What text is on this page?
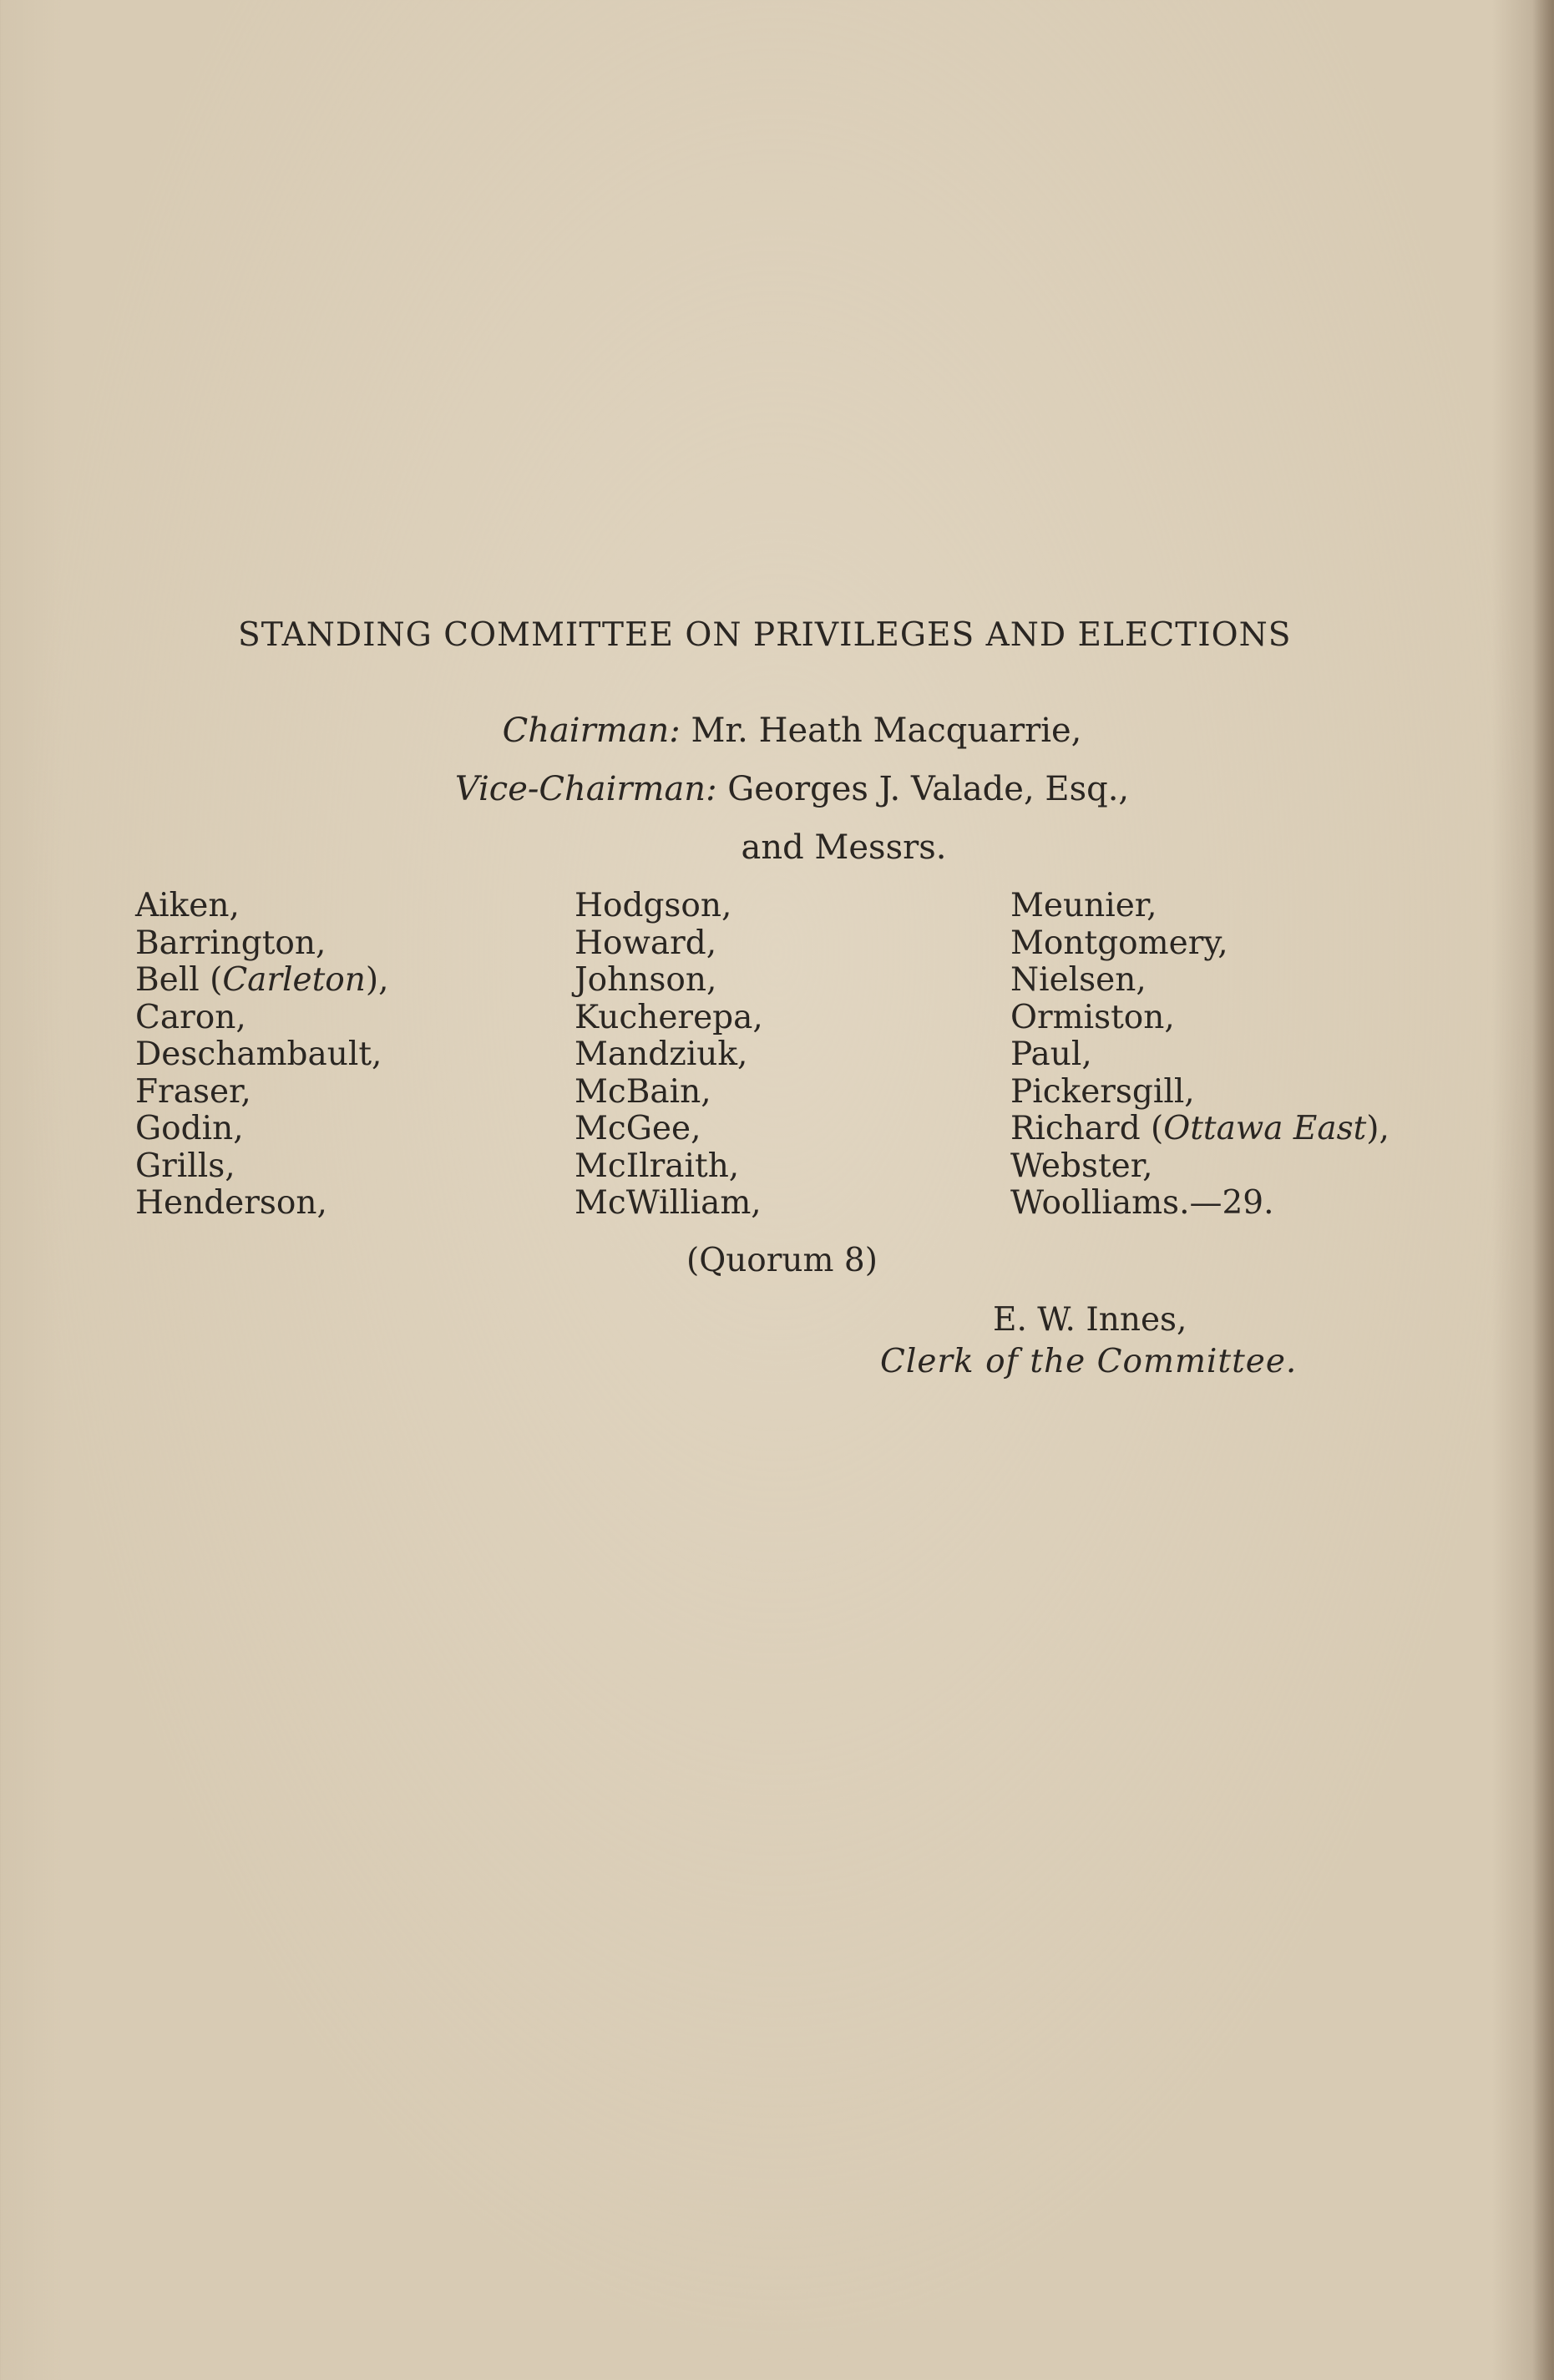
STANDING COMMITTEE ON PRIVILEGES AND ELECTIONS
Chairman: Mr. Heath Macquarrie,
Vice-Chairman: Georges J. Valade, Esq.,
and Messrs.
Aiken,
Barrington,
Bell (Carleton),
Caron,
Deschambault,
Fraser,
Godin,
Grills,
Henderson,
Hodgson,
Howard,
Johnson,
Kucherepa,
Mandziuk,
McBain,
McGee,
McIlraith,
McWilliam,
Meunier,
Montgomery,
Nielsen,
Ormiston,
Paul,
Pickersgill,
Richard (Ottawa East),
Webster,
Woolliams.—29.
(Quorum 8)
E. W. Innes,
Clerk of the Committee.
